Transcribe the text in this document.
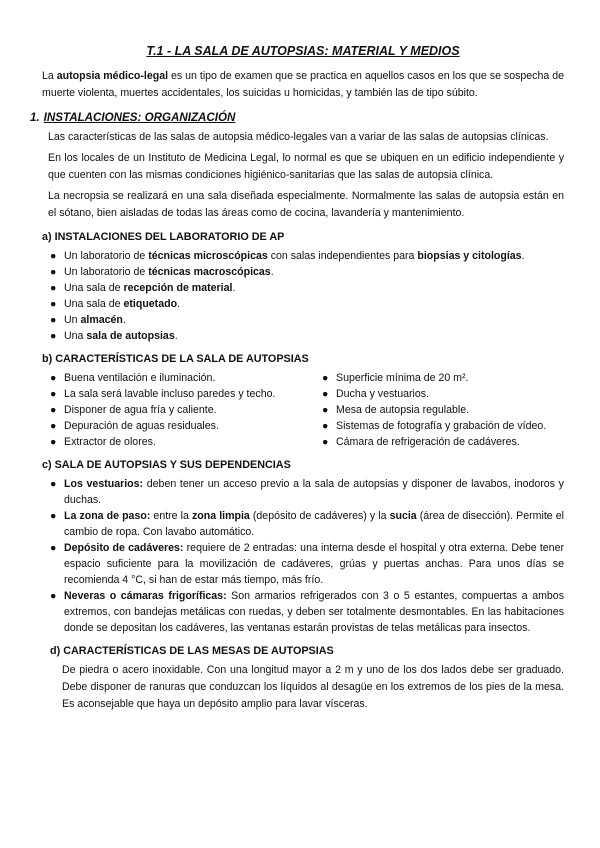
T.1 - LA SALA DE AUTOPSIAS: MATERIAL Y MEDIOS

La autopsia médico-legal es un tipo de examen que se practica en aquellos casos en los que se sospecha de muerte violenta, muertes accidentales, los suicidas u homicidas, y también las de tipo súbito.

1. INSTALACIONES: ORGANIZACIÓN

Las características de las salas de autopsia médico-legales van a variar de las salas de autopsias clínicas.

En los locales de un Instituto de Medicina Legal, lo normal es que se ubiquen en un edificio independiente y que cuenten con las mismas condiciones higiénico-sanitarias que las salas de autopsia clínica.

La necropsia se realizará en una sala diseñada especialmente. Normalmente las salas de autopsia están en el sótano, bien aisladas de todas las áreas como de cocina, lavandería y mantenimiento.

a) INSTALACIONES DEL LABORATORIO DE AP
● Un laboratorio de técnicas microscópicas con salas independientes para biopsias y citologías.
● Un laboratorio de técnicas macroscópicas.
● Una sala de recepción de material.
● Una sala de etiquetado.
● Un almacén.
● Una sala de autopsias.
b) CARACTERÍSTICAS DE LA SALA DE AUTOPSIAS
● Buena ventilación e iluminación.
● La sala será lavable incluso paredes y techo.
● Disponer de agua fría y caliente.
● Depuración de aguas residuales.
● Extractor de olores.
● Superficie mínima de 20 m².
● Ducha y vestuarios.
● Mesa de autopsia regulable.
● Sistemas de fotografía y grabación de vídeo.
● Cámara de refrigeración de cadáveres.
c) SALA DE AUTOPSIAS Y SUS DEPENDENCIAS
● Los vestuarios: deben tener un acceso previo a la sala de autopsias y disponer de lavabos, inodoros y duchas.
● La zona de paso: entre la zona limpia (depósito de cadáveres) y la sucia (área de disección). Permite el cambio de ropa. Con lavabo automático.
● Depósito de cadáveres: requiere de 2 entradas: una interna desde el hospital y otra externa. Debe tener espacio suficiente para la movilización de cadáveres, grúas y puertas anchas. Para unos días se recomienda 4 °C, si han de estar más tiempo, más frío.
● Neveras o cámaras frigoríficas: Son armarios refrigerados con 3 o 5 estantes, compuertas a ambos extremos, con bandejas metálicas con ruedas, y deben ser totalmente desmontables. En las habitaciones donde se depositan los cadáveres, las ventanas estarán provistas de telas metálicas para insectos.
d) CARACTERÍSTICAS DE LAS MESAS DE AUTOPSIAS

De piedra o acero inoxidable. Con una longitud mayor a 2 m y uno de los dos lados debe ser graduado. Debe disponer de ranuras que conduzcan los líquidos al desagüe en los extremos de los pies de la mesa. Es aconsejable que haya un depósito amplio para lavar vísceras.
